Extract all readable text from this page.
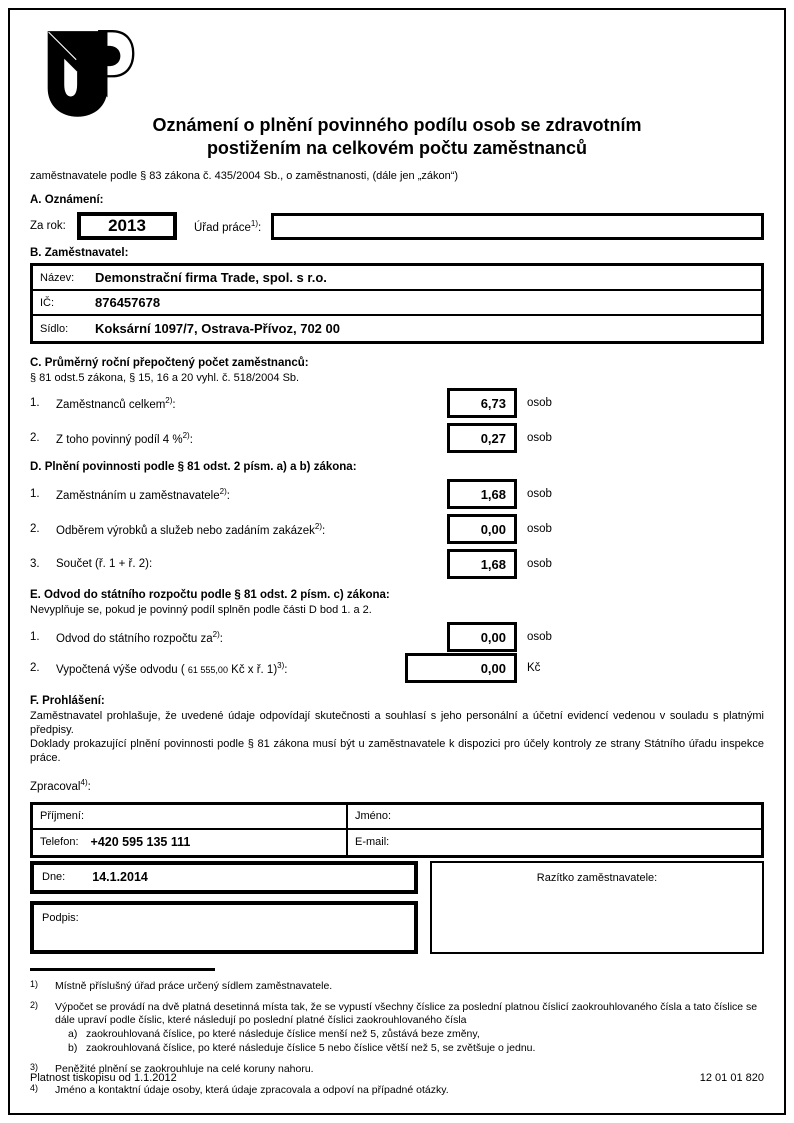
Oznámení o plnění povinného podílu osob se zdravotním
postižením na celkovém počtu zaměstnanců
zaměstnavatele podle § 83 zákona č. 435/2004 Sb., o zaměstnanosti, (dále jen „zákon“)
A. Oznámení:
Za rok:	2013	Úřad práce$^{1)}$:
B. Zaměstnavatel:
Název:	Demonstrační firma Trade, spol. s r.o.
IČ:	876457678
Sídlo:	Koksární 1097/7, Ostrava-Přívoz, 702 00
C. Průměrný roční přepočtený počet zaměstnanců:
§ 81 odst.5 zákona, § 15, 16 a 20 vyhl. č. 518/2004 Sb.
1.	Zaměstnanců celkem$^{2)}$:	6,73	osob
2.	Z toho povinný podíl 4 %$^{2)}$:	0,27	osob
D. Plnění povinnosti podle § 81 odst. 2 písm. a) a b) zákona:
1.	Zaměstnáním u zaměstnavatele$^{2)}$:	1,68	osob
2.	Odběrem výrobků a služeb nebo zadáním zakázek$^{2)}$:	0,00	osob
3.	Součet (ř. 1 + ř. 2):	1,68	osob
E. Odvod do státního rozpočtu podle § 81 odst. 2 písm. c) zákona:
Nevyplňuje se, pokud je povinný podíl splněn podle části D bod 1. a 2.
1.	Odvod do státního rozpočtu $za^{2)}$:	0,00	osob
2.	Vypočtená výše odvodu ( 61 555,00 Kč x ř. 1)$^{3)}$:	0,00	Kč
F. Prohlášení:
Zaměstnavatel prohlašuje, že uvedené údaje odpovídají skutečnosti a souhlasí s jeho personální a účetní evidencí vedenou v souladu s platnými předpisy.
Doklady prokazující plnění povinnosti podle § 81 zákona musí být u zaměstnavatele k dispozici pro účely kontroly ze strany Státního úřadu inspekce práce.
Zpracoval$^{4)}$:
Příjmení:	Jméno:
Telefon: +420 595 135 111	E-mail:
Dne: 14.1.2014
Podpis:
Razítko zaměstnavatele:
1)	Místně příslušný úřad práce určený sídlem zaměstnavatele.
2)	Výpočet se provádí na dvě platná desetinná místa tak, že se vypustí všechny číslice za poslední platnou číslicí zaokrouhlovaného čísla a tato číslice se dále upraví podle číslic, které následují po poslední platné číslici zaokrouhlovaného čísla
a) zaokrouhlovaná číslice, po které následuje číslice menší než 5, zůstává beze změny,
b) zaokrouhlovaná číslice, po které následuje číslice 5 nebo číslice větší než 5, se zvětšuje o jednu.
3)	Peněžité plnění se zaokrouhluje na celé koruny nahoru.
4)	Jméno a kontaktní údaje osoby, která údaje zpracovala a odpoví na případné otázky.
Platnost tiskopisu od 1.1.2012	12 01 01 820
